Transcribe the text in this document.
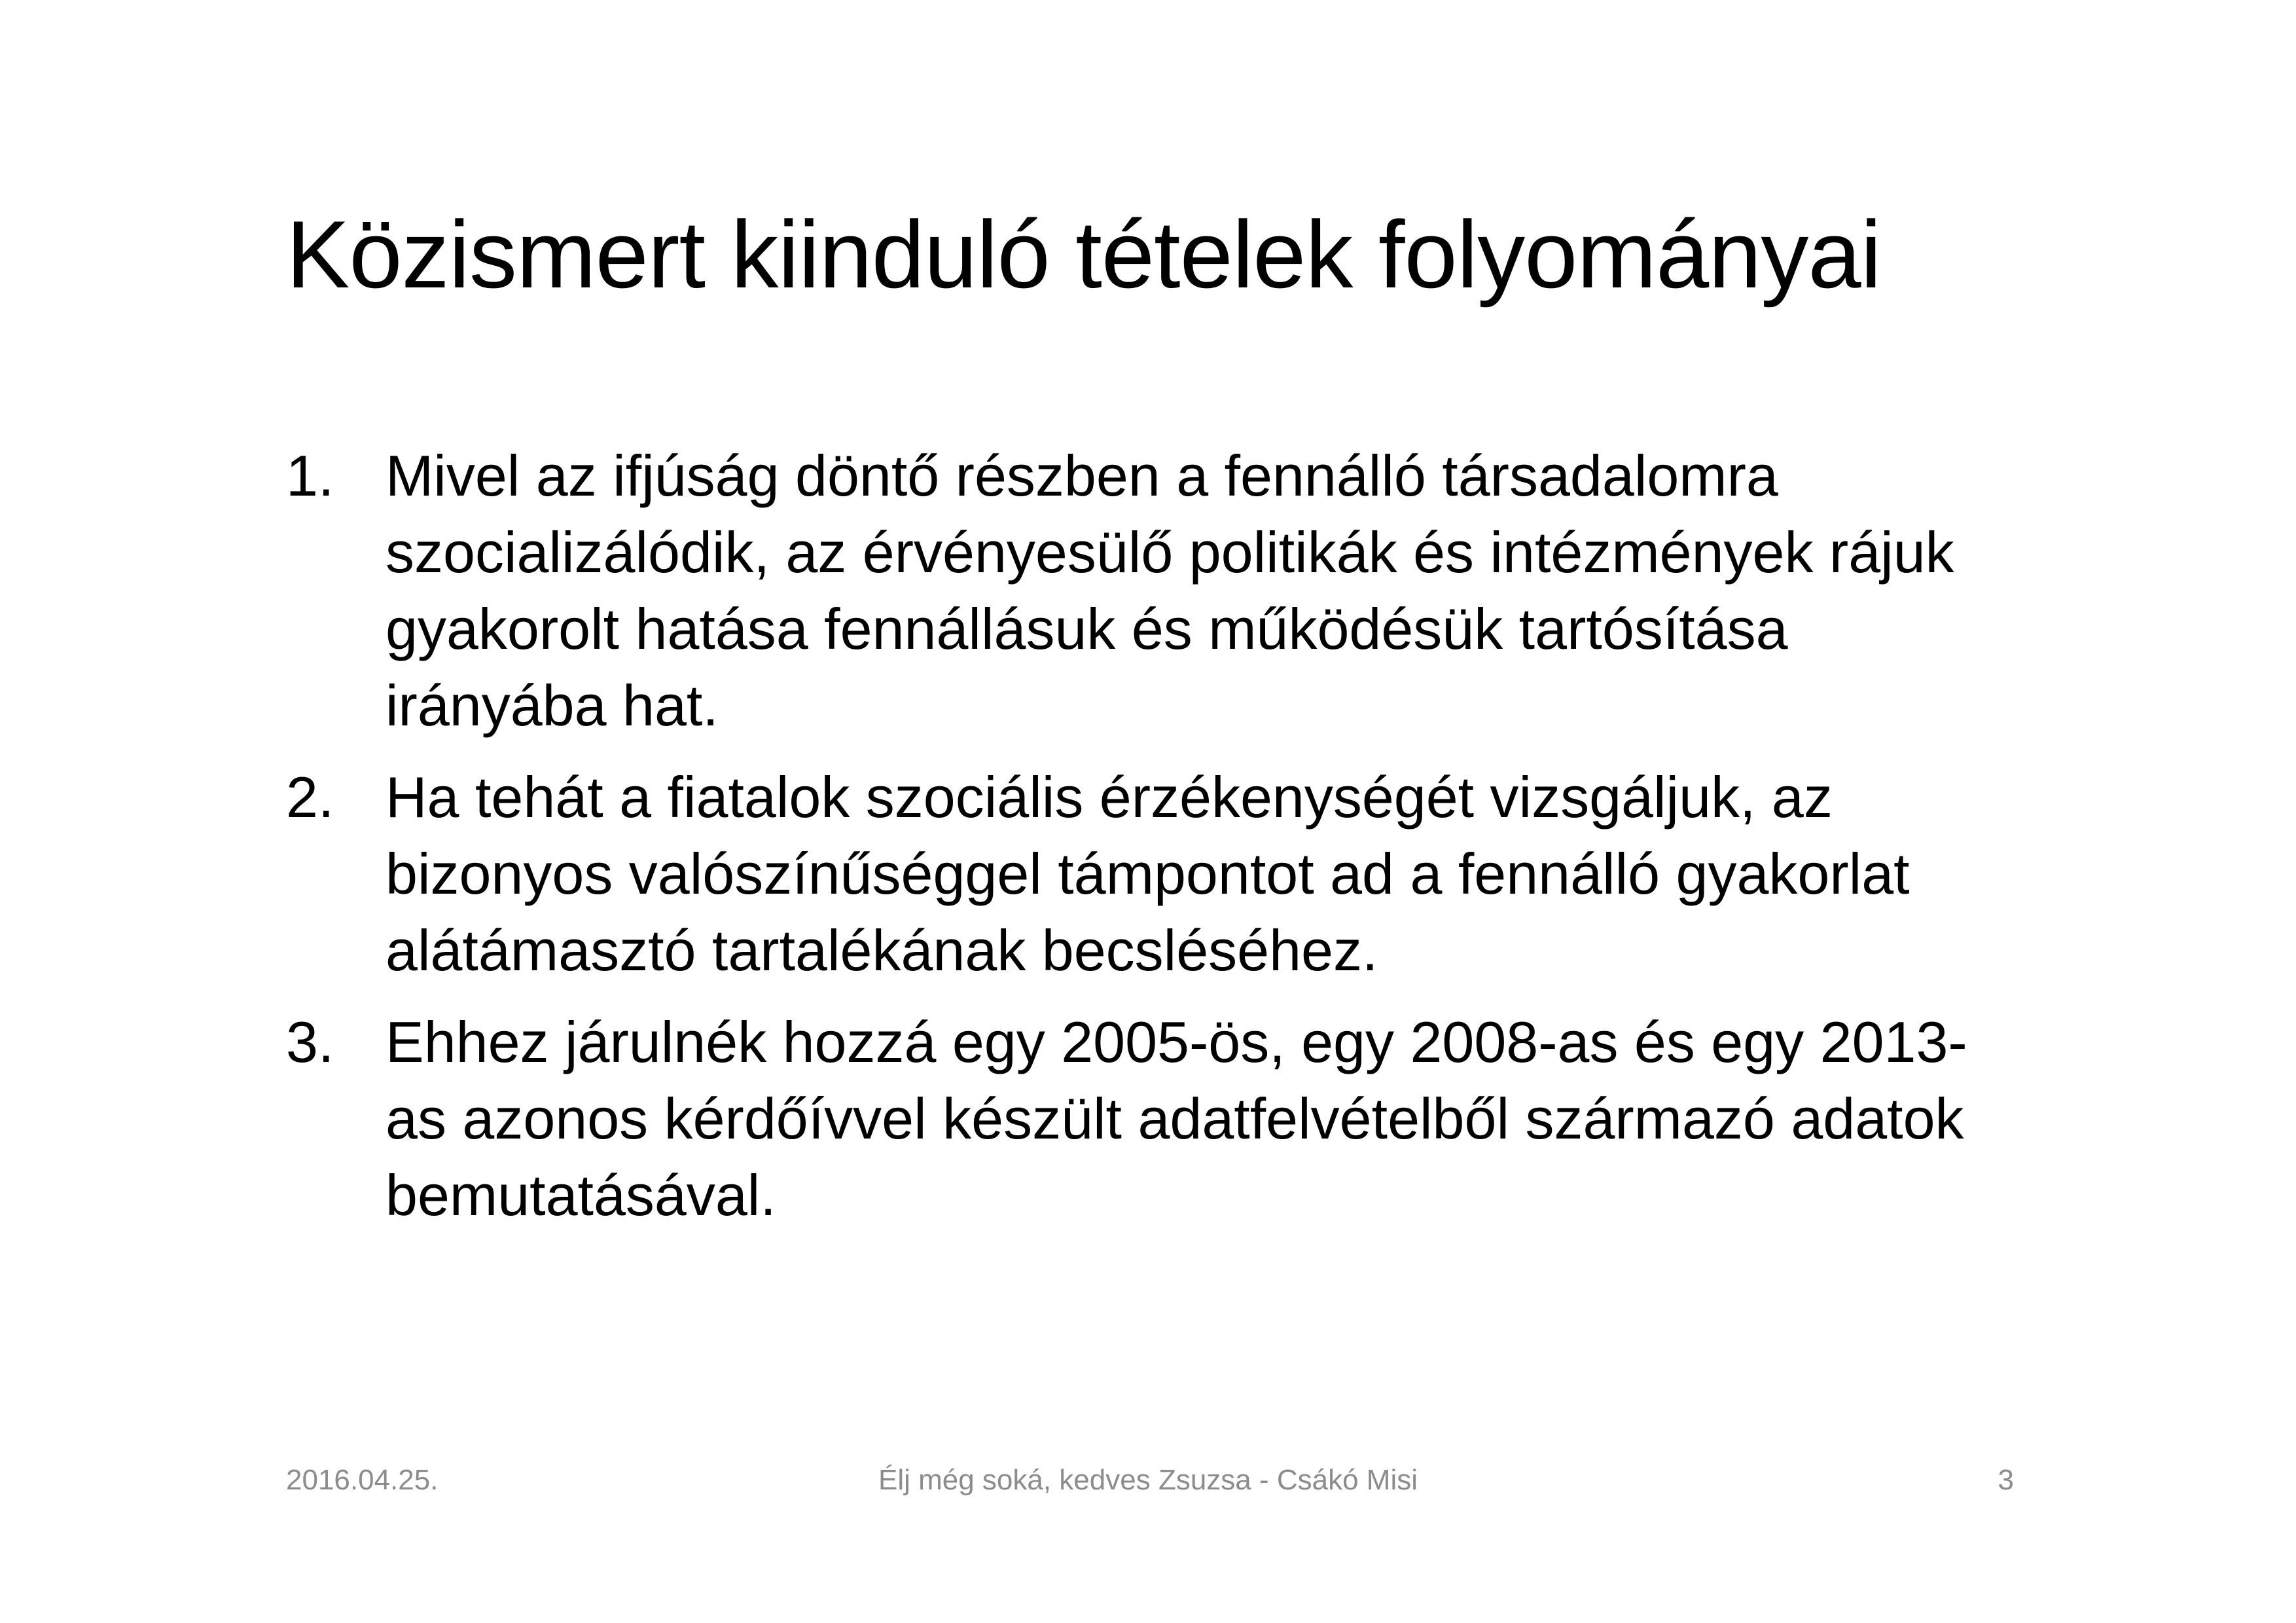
Közismert kiinduló tételek folyományai
1. Mivel az ifjúság döntő részben a fennálló társadalomra
szocializálódik, az érvényesülő politikák és intézmények rájuk
gyakorolt hatása fennállásuk és működésük tartósítása
irányába hat.
2. Ha tehát a fiatalok szociális érzékenységét vizsgáljuk, az
bizonyos valószínűséggel támpontot ad a fennálló gyakorlat
alátámasztó tartalékának becsléséhez.
3. Ehhez járulnék hozzá egy 2005-ös, egy 2008-as és egy 2013-
as azonos kérdőívvel készült adatfelvételből származó adatok
bemutatásával.
2016.04.25.	Élj még soká, kedves Zsuzsa - Csákó Misi	3
